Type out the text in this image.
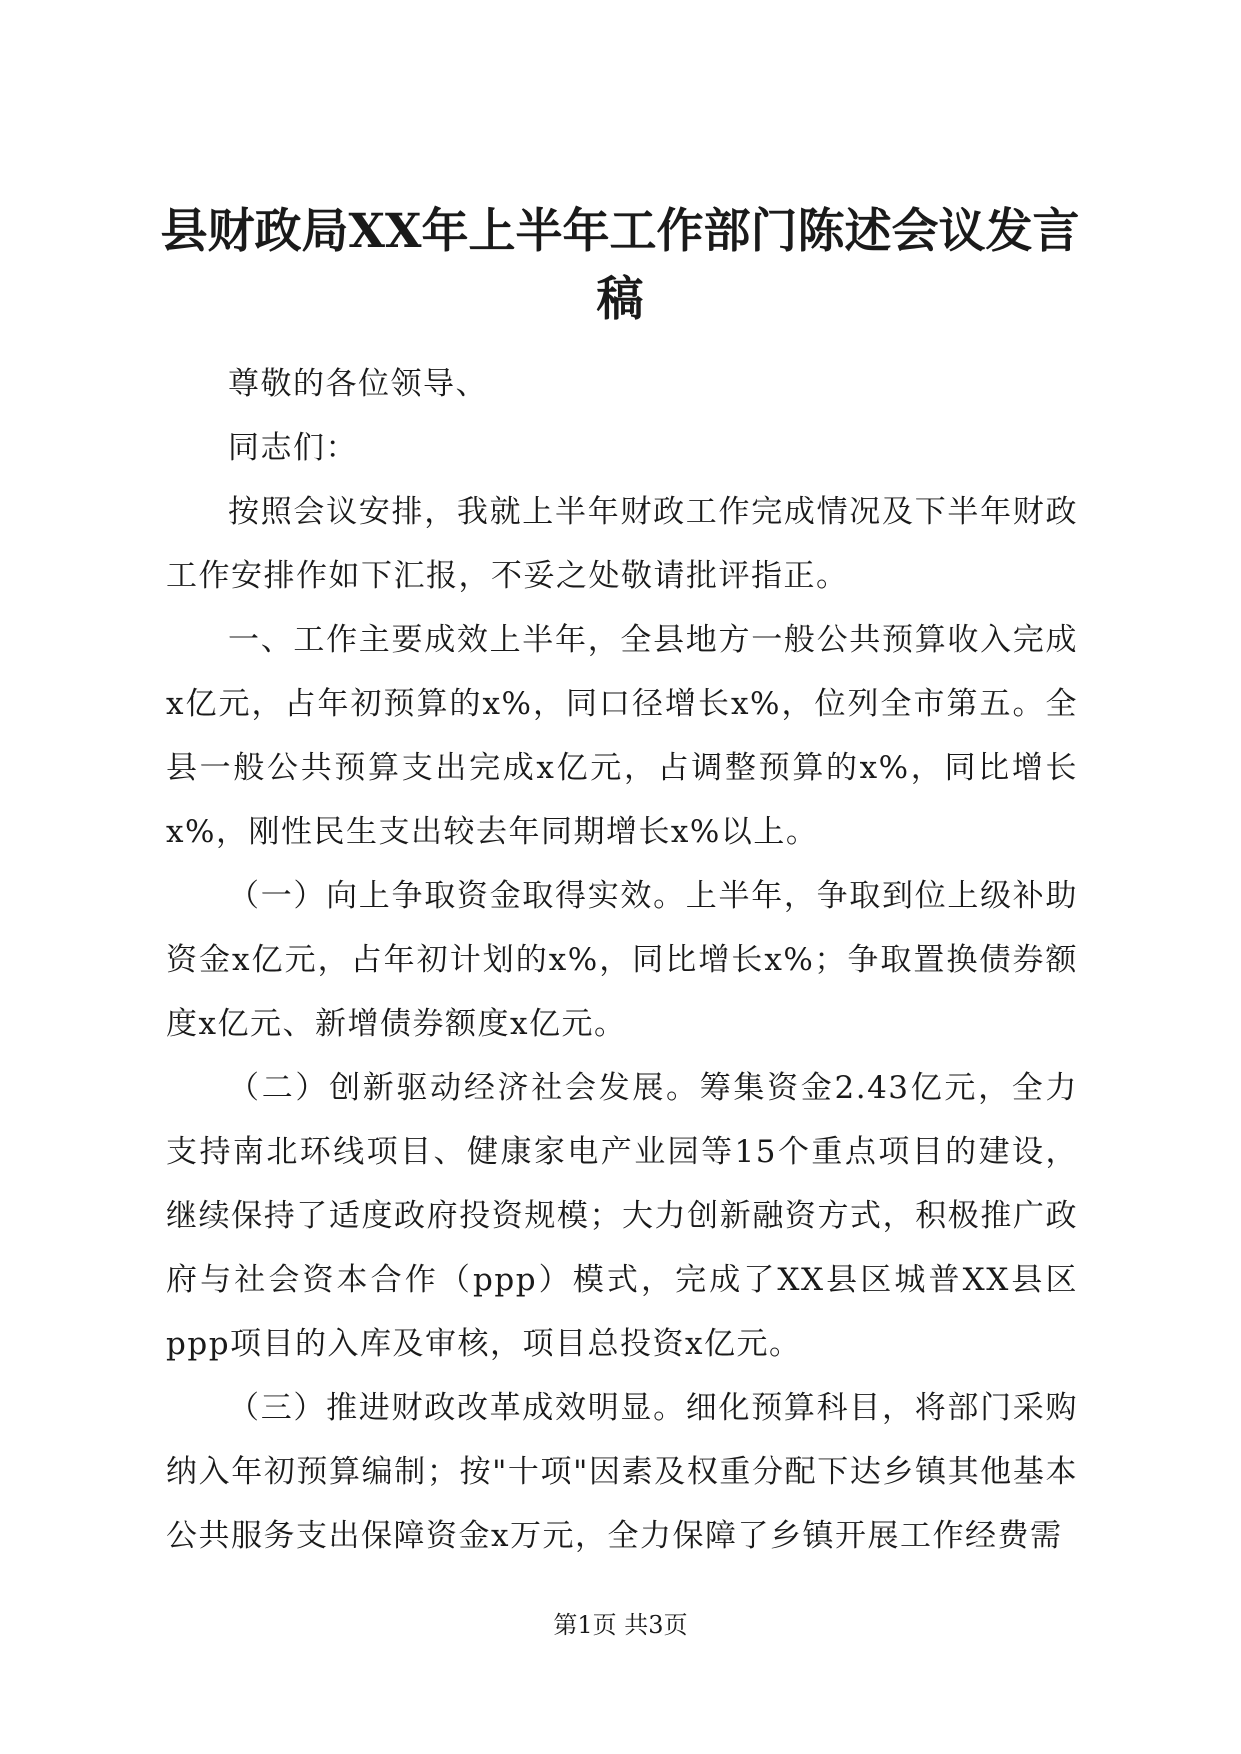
县财政局XX年上半年工作部门陈述会议发言稿

尊敬的各位领导、

同志们：

按照会议安排，我就上半年财政工作完成情况及下半年财政工作安排作如下汇报，不妥之处敬请批评指正。

一、工作主要成效上半年，全县地方一般公共预算收入完成x亿元，占年初预算的x%，同口径增长x%，位列全市第五。全县一般公共预算支出完成x亿元，占调整预算的x%，同比增长x%，刚性民生支出较去年同期增长x%以上。

（一）向上争取资金取得实效。上半年，争取到位上级补助资金x亿元，占年初计划的x%，同比增长x%；争取置换债券额度x亿元、新增债券额度x亿元。

（二）创新驱动经济社会发展。筹集资金2.43亿元，全力支持南北环线项目、健康家电产业园等15个重点项目的建设，继续保持了适度政府投资规模；大力创新融资方式，积极推广政府与社会资本合作（ppp）模式，完成了XX县区城普XX县区ppp项目的入库及审核，项目总投资x亿元。

（三）推进财政改革成效明显。细化预算科目，将部门采购纳入年初预算编制；按"十项"因素及权重分配下达乡镇其他基本公共服务支出保障资金x万元，全力保障了乡镇开展工作经费需

第1页 共3页
